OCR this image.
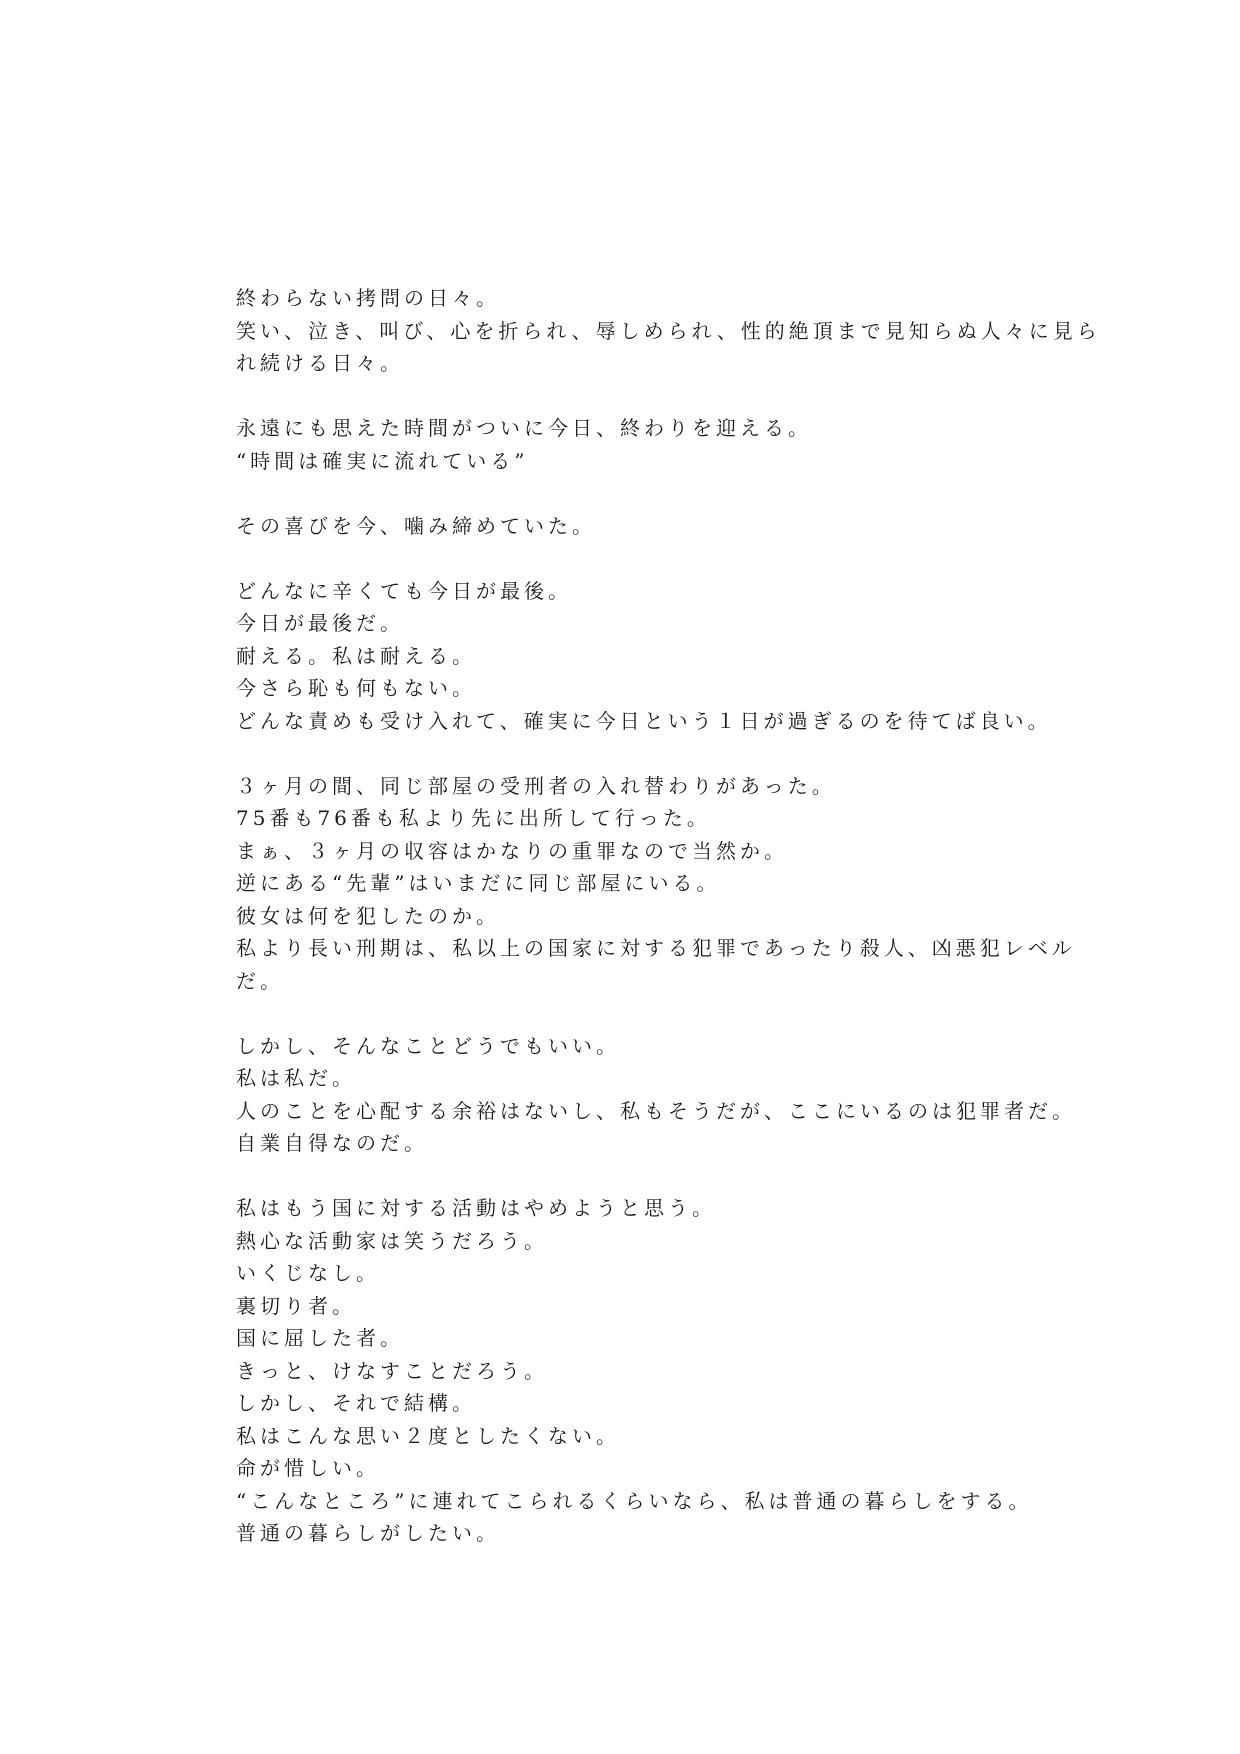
終わらない拷問の日々。
笑い、泣き、叫び、心を折られ、辱しめられ、性的絶頂まで見知らぬ人々に見ら
れ続ける日々。
永遠にも思えた時間がついに今日、終わりを迎える。
“時間は確実に流れている”
その喜びを今、噛み締めていた。
どんなに辛くても今日が最後。
今日が最後だ。
耐える。私は耐える。
今さら恥も何もない。
どんな責めも受け入れて、確実に今日という１日が過ぎるのを待てば良い。
３ヶ月の間、同じ部屋の受刑者の入れ替わりがあった。
75番も76番も私より先に出所して行った。
まぁ、３ヶ月の収容はかなりの重罪なので当然か。
逆にある“先輩”はいまだに同じ部屋にいる。
彼女は何を犯したのか。
私より長い刑期は、私以上の国家に対する犯罪であったり殺人、凶悪犯レベル
だ。
しかし、そんなことどうでもいい。
私は私だ。
人のことを心配する余裕はないし、私もそうだが、ここにいるのは犯罪者だ。
自業自得なのだ。
私はもう国に対する活動はやめようと思う。
熱心な活動家は笑うだろう。
いくじなし。
裏切り者。
国に屈した者。
きっと、けなすことだろう。
しかし、それで結構。
私はこんな思い２度としたくない。
命が惜しい。
“こんなところ”に連れてこられるくらいなら、私は普通の暮らしをする。
普通の暮らしがしたい。
